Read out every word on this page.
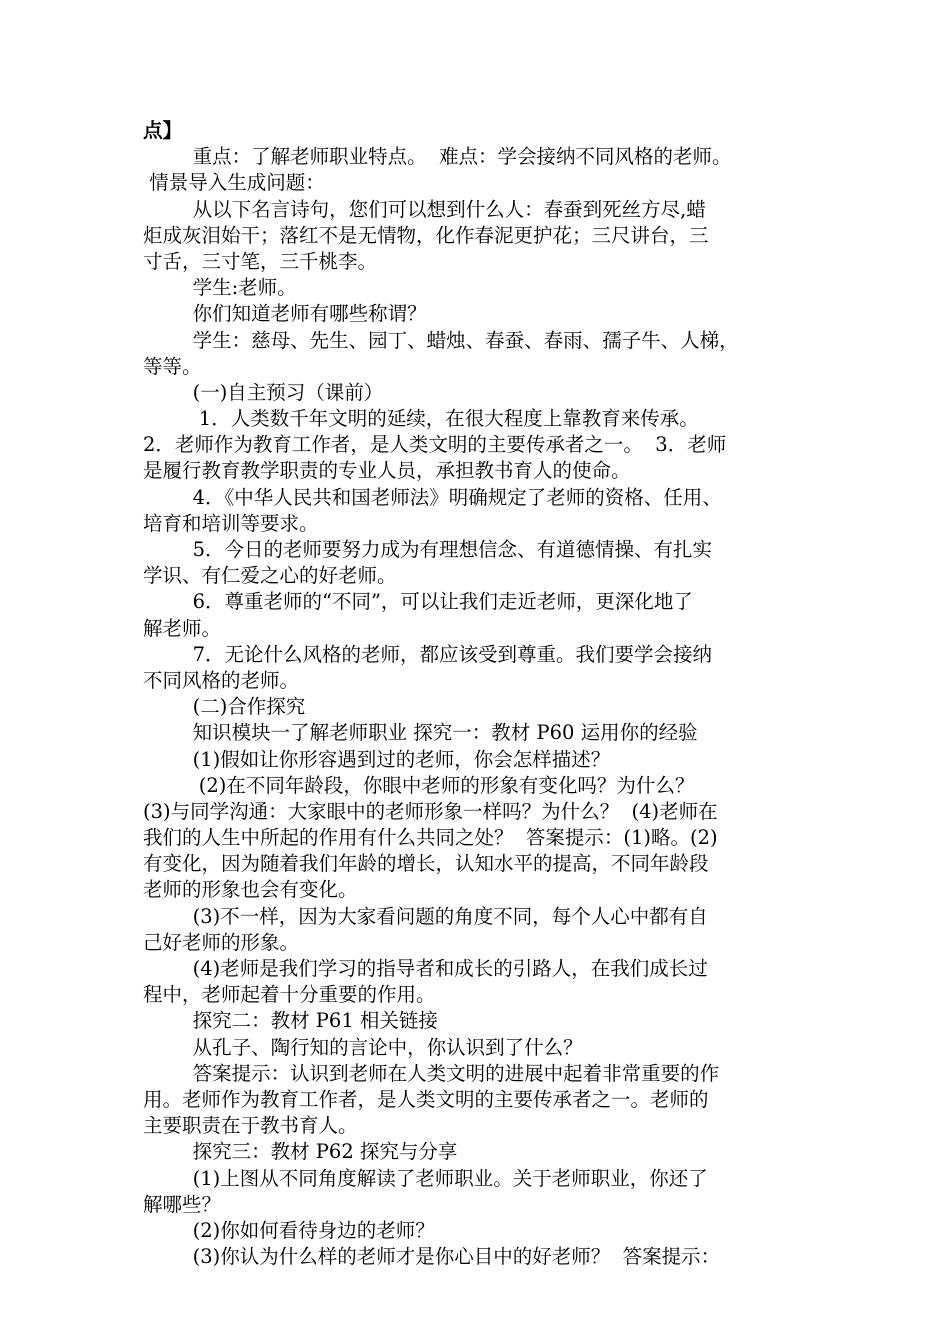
点】
重点：了解老师职业特点。  难点：学会接纳不同风格的老师。
情景导入生成问题：
从以下名言诗句，您们可以想到什么人：春蚕到死丝方尽,蜡
炬成灰泪始干；落红不是无情物，化作春泥更护花；三尺讲台，三
寸舌，三寸笔，三千桃李。
学生:老师。
你们知道老师有哪些称谓？
学生：慈母、先生、园丁、蜡烛、春蚕、春雨、孺子牛、人梯，
等等。
(一)自主预习（课前）
1．人类数千年文明的延续，在很大程度上靠教育来传承。
2．老师作为教育工作者，是人类文明的主要传承者之一。  3．老师
是履行教育教学职责的专业人员，承担教书育人的使命。
4．《中华人民共和国老师法》明确规定了老师的资格、任用、
培育和培训等要求。
5．今日的老师要努力成为有理想信念、有道德情操、有扎实
学识、有仁爱之心的好老师。
6．尊重老师的“不同”，可以让我们走近老师，更深化地了
解老师。
7．无论什么风格的老师，都应该受到尊重。我们要学会接纳
不同风格的老师。
(二)合作探究
知识模块一了解老师职业 探究一：教材 P60 运用你的经验
(1)假如让你形容遇到过的老师，你会怎样描述？
(2)在不同年龄段，你眼中老师的形象有变化吗？为什么？
(3)与同学沟通：大家眼中的老师形象一样吗？为什么？  (4)老师在
我们的人生中所起的作用有什么共同之处？  答案提示：(1)略。(2)
有变化，因为随着我们年龄的增长，认知水平的提高，不同年龄段
老师的形象也会有变化。
(3)不一样，因为大家看问题的角度不同，每个人心中都有自
己好老师的形象。
(4)老师是我们学习的指导者和成长的引路人，在我们成长过
程中，老师起着十分重要的作用。
探究二：教材 P61 相关链接
从孔子、陶行知的言论中，你认识到了什么？
答案提示：认识到老师在人类文明的进展中起着非常重要的作
用。老师作为教育工作者，是人类文明的主要传承者之一。老师的
主要职责在于教书育人。
探究三：教材 P62 探究与分享
(1)上图从不同角度解读了老师职业。关于老师职业，你还了
解哪些？
(2)你如何看待身边的老师？
(3)你认为什么样的老师才是你心目中的好老师？  答案提示：
